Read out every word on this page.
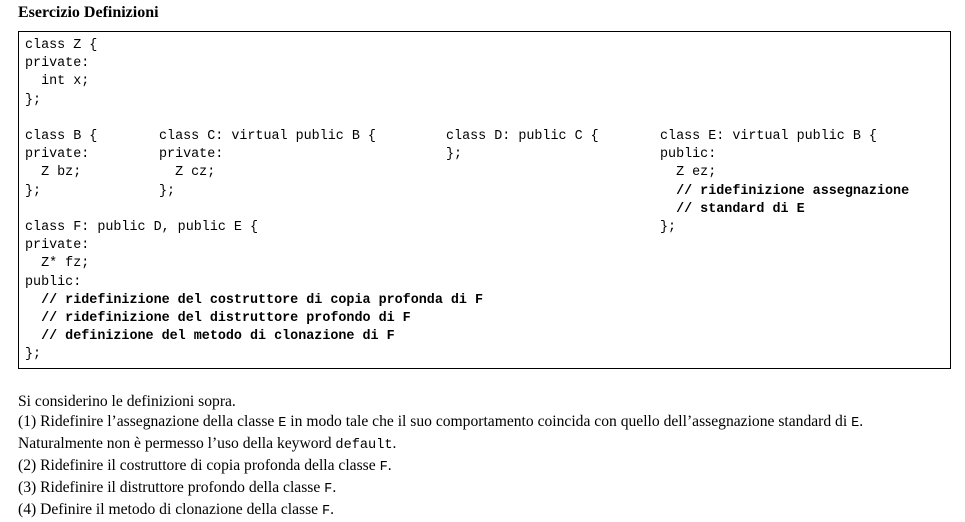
Esercizio Definizioni
class Z {
private:
int x;
};
class B {
private:
Z bz;
};
class C: virtual public B {
private:
Z cz;
};
class D: public C {
};
class E: virtual public B {
public:
Z ez;
// ridefinizione assegnazione
// standard di E
};
class F: public D, public E {
private:
Z* fz;
public:
// ridefinizione del costruttore di copia profonda di F
// ridefinizione del distruttore profondo di F
// definizione del metodo di clonazione di F
};

Si considerino le definizioni sopra.

(1) Ridefinire l’assegnazione della classe E in modo tale che il suo comportamento coincida con quello dell’assegnazione standard di E.

Naturalmente non è permesso l’uso della keyword default.

(2) Ridefinire il costruttore di copia profonda della classe F.

(3) Ridefinire il distruttore profondo della classe F.

(4) Definire il metodo di clonazione della classe F.
